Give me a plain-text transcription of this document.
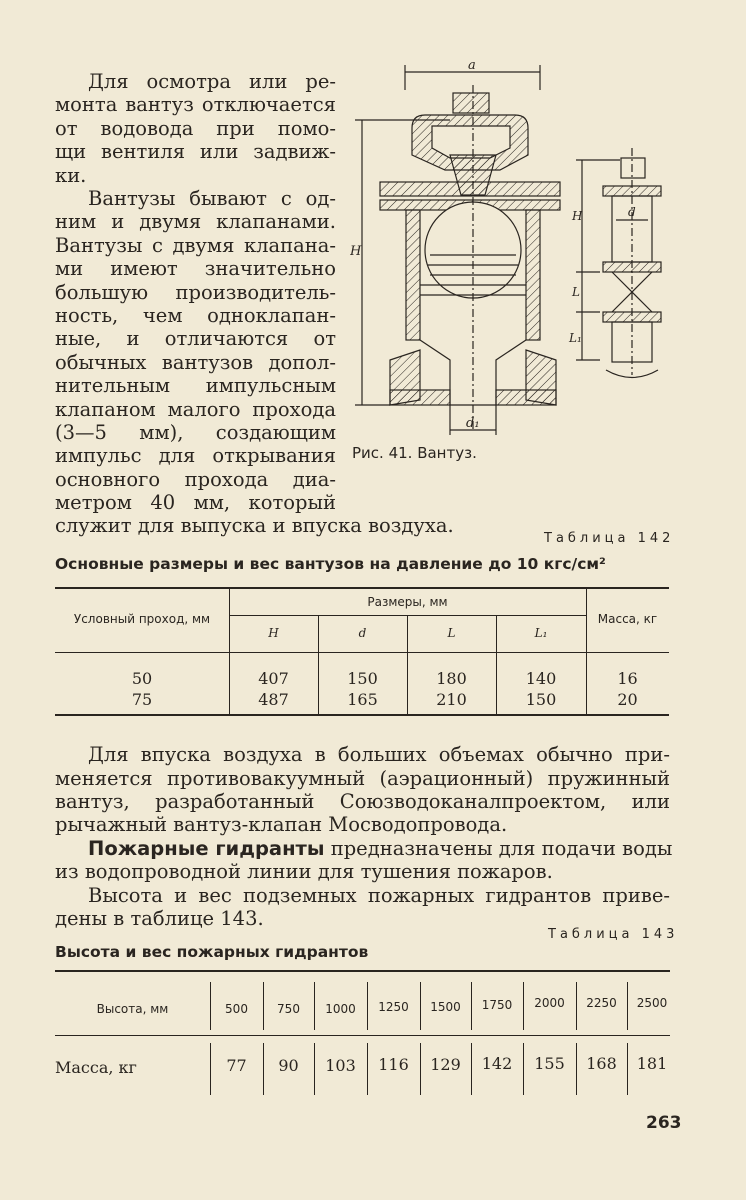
Для осмотра или ре-

монта вантуз отключается

от водовода при помо-

щи вентиля или задвиж-

ки.

Вантузы бывают с од-

ним и двумя клапанами.

Вантузы с двумя клапана-

ми имеют значительно

большую производитель-

ность, чем одноклапан-

ные, и отличаются от

обычных вантузов допол-

нительным импульсным

клапаном малого прохода

(3—5 мм), создающим

импульс для открывания

основного прохода диа-

метром 40 мм, который

служит для выпуска и впуска воздуха.

a
H
d₁
H	d
L
L₁
Рис. 41. Вантуз.
Таблица 142
Основные размеры и вес вантузов на давление до 10 кгс/см²
Условный проход, мм
Размеры, мм
H	d	L	L₁
Масса, кг
50	407	150	180	140	16
75	487	165	210	150	20

Для впуска воздуха в больших объемах обычно при-

меняется противовакуумный (аэрационный) пружинный

вантуз, разработанный Союзводоканалпроектом, или

рычажный вантуз-клапан Мосводопровода.

Пожарные гидранты предназначены для подачи воды

из водопроводной линии для тушения пожаров.

Высота и вес подземных пожарных гидрантов приве-

дены в таблице 143.

Таблица 143
Высота и вес пожарных гидрантов
Высота, мм	500	750	1000	1250	1500	1750	2000	2250	2500
Масса, кг	77	90	103	116	129	142	155	168	181
263
